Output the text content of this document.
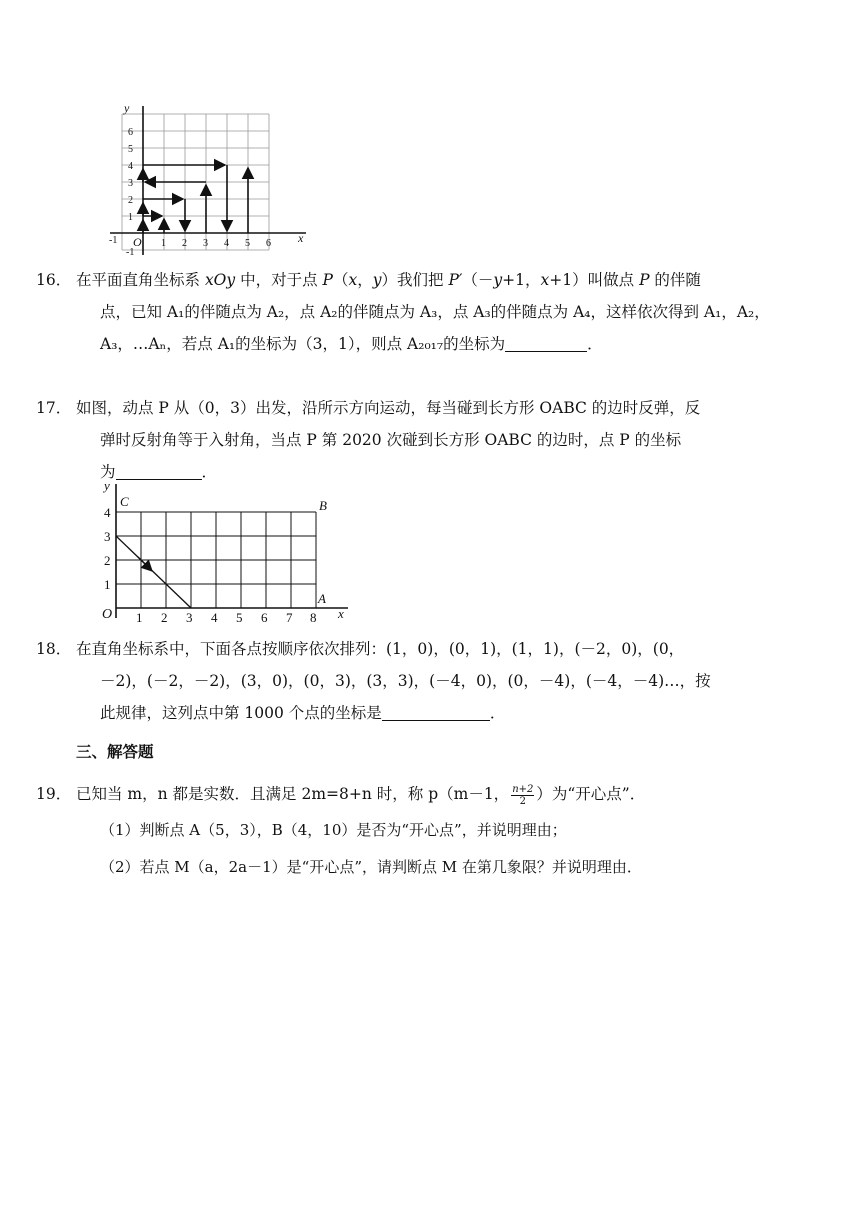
y
x
O
-1	1 2 3 4 5 6
-1
1
2
3
4
5
6
16． 在平面直角坐标系 xOy 中，对于点 P（x，y）我们把 P′（－y+1，x+1）叫做点 P 的伴随
点，已知 A₁的伴随点为 A₂，点 A₂的伴随点为 A₃，点 A₃的伴随点为 A₄，这样依次得到 A₁，A₂，
A₃，…Aₙ，若点 A₁的坐标为（3，1），则点 A₂₀₁₇的坐标为	．
17． 如图，动点 P 从（0，3）出发，沿所示方向运动，每当碰到长方形 OABC 的边时反弹，反
弹时反射角等于入射角，当点 P 第 2020 次碰到长方形 OABC 的边时，点 P 的坐标
为	．
y
x
O
C	B
A
1 2 3 4 5 6 7 8
1
2
3
4
18． 在直角坐标系中，下面各点按顺序依次排列：(1，0)，(0，1)，(1，1)，(－2，0)，(0，
－2)，(－2，－2)，(3，0)，(0，3)，(3，3)，(－4，0)，(0，－4)，(－4，－4)…，按
此规律，这列点中第 1000 个点的坐标是	．
三、解答题
19． 已知当 m，n 都是实数．且满足 2m=8+n 时，称 p（m－1， $\frac{n+2}{2}$ ）为“开心点”．
（1）判断点 A（5，3），B（4，10）是否为“开心点”，并说明理由；
（2）若点 M（a，2a－1）是“开心点”，请判断点 M 在第几象限？并说明理由．
